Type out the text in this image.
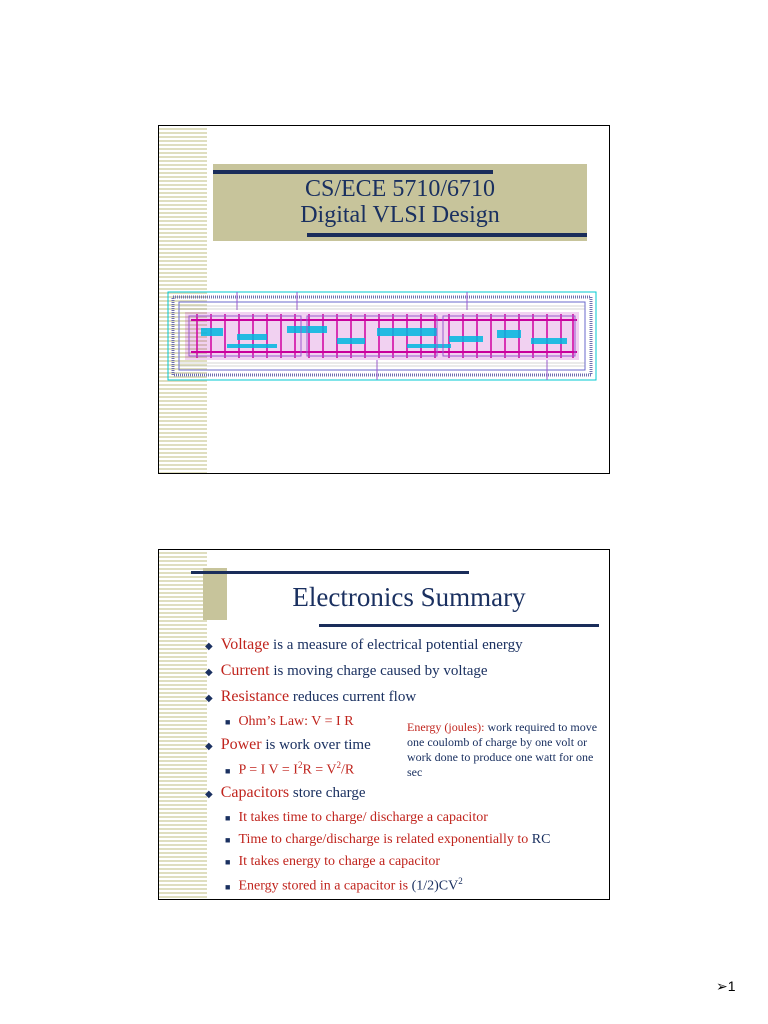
CS/ECE 5710/6710
Digital VLSI Design
Electronics Summary
◆ Voltage is a measure of electrical potential energy
◆ Current is moving charge caused by voltage
◆ Resistance reduces current flow
■ Ohm’s Law: V = I R
◆ Power is work over time
■ P = I $V = I^2R = V^2/R$
◆ Capacitors store charge
■ It takes time to charge/ discharge a capacitor
■ Time to charge/discharge is related exponentially to RC
■ It takes energy to charge a capacitor
■ Energy stored in a capacitor is $(1/2)CV^2$
Energy (joules): work required to move one coulomb of charge by one volt or work done to produce one watt for one sec
➢1
